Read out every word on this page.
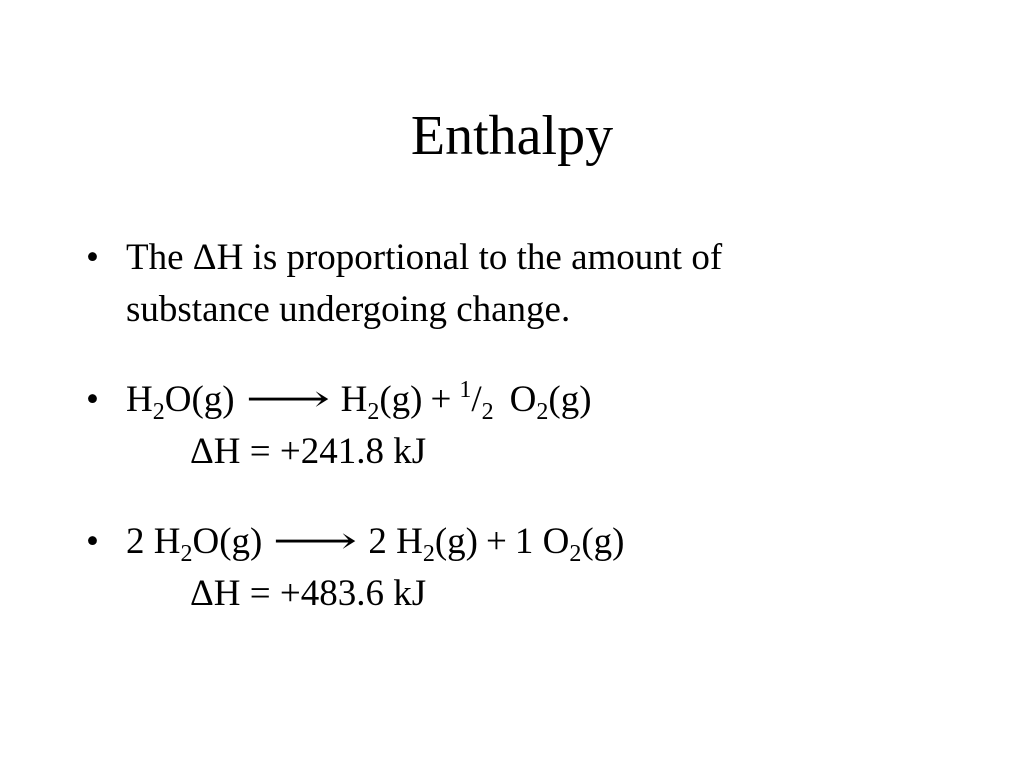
Enthalpy
• The ΔH is proportional to the amount of
substance undergoing change.
• $H_2O(g)$ ⟶ $H_2(g) + ^1/_2$ $O_2(g)$
ΔH = +241.8 kJ
• 2 $H_2O(g)$ ⟶ 2 $H_2(g) + 1$ $O_2(g)$
ΔH = +483.6 kJ
